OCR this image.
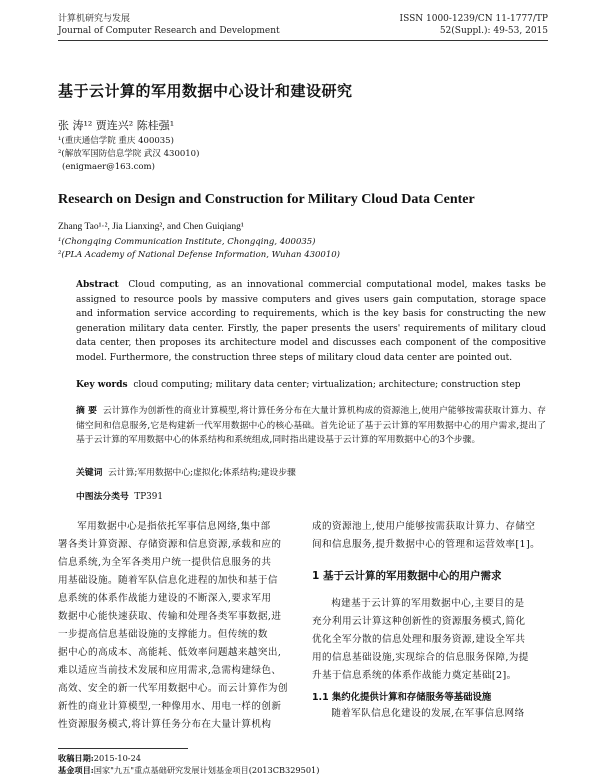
计算机研究与发展
Journal of Computer Research and Development
ISSN 1000-1239/CN 11-1777/TP
52(Suppl.): 49-53, 2015
基于云计算的军用数据中心设计和建设研究
张 涛¹² 贾连兴² 陈桂强¹
¹(重庆通信学院 重庆 400035)
²(解放军国防信息学院 武汉 430010)
(enigmaer@163.com)
Research on Design and Construction for Military Cloud Data Center
Zhang Tao¹·², Jia Lianxing², and Chen Guiqiang¹
¹(Chongqing Communication Institute, Chongqing, 400035)
²(PLA Academy of National Defense Information, Wuhan 430010)
Abstract Cloud computing, as an innovational commercial computational model, makes tasks be assigned to resource pools by massive computers and gives users gain computation, storage space and information service according to requirements, which is the key basis for constructing the new generation military data center. Firstly, the paper presents the users' requirements of military cloud data center, then proposes its architecture model and discusses each component of the compositive model. Furthermore, the construction three steps of military cloud data center are pointed out.
Key words cloud computing; military data center; virtualization; architecture; construction step
摘 要 云计算作为创新性的商业计算模型,将计算任务分布在大量计算机构成的资源池上,使用户能够按需获取计算力、存储空间和信息服务,它是构建新一代军用数据中心的核心基础。首先论证了基于云计算的军用数据中心的用户需求,提出了基于云计算的军用数据中心的体系结构和系统组成,同时指出建设基于云计算的军用数据中心的3个步骤。
关键词 云计算;军用数据中心;虚拟化;体系结构;建设步骤
中图法分类号 TP391
军用数据中心是指依托军事信息网络,集中部
署各类计算资源、存储资源和信息资源,承载和应的
信息系统,为全军各类用户统一提供信息服务的共
用基础设施。随着军队信息化进程的加快和基于信
息系统的体系作战能力建设的不断深入,要求军用
数据中心能快速获取、传输和处理各类军事数据,进
一步提高信息基础设施的支撑能力。但传统的数
据中心的高成本、高能耗、低效率问题越来越突出,
难以适应当前技术发展和应用需求,急需构建绿色、
高效、安全的新一代军用数据中心。而云计算作为创
新性的商业计算模型,一种像用水、用电一样的创新
性资源服务模式,将计算任务分布在大量计算机构
成的资源池上,使用户能够按需获取计算力、存储空
间和信息服务,提升数据中心的管理和运营效率[1]。
1 基于云计算的军用数据中心的用户需求
构建基于云计算的军用数据中心,主要目的是
充分利用云计算这种创新性的资源服务模式,简化
优化全军分散的信息处理和服务资源,建设全军共
用的信息基础设施,实现综合的信息服务保障,为提
升基于信息系统的体系作战能力奠定基础[2]。
1.1 集约化提供计算和存储服务等基础设施
随着军队信息化建设的发展,在军事信息网络
收稿日期:2015-10-24
基金项目:国家"九五"重点基础研究发展计划基金项目(2013CB329501)
